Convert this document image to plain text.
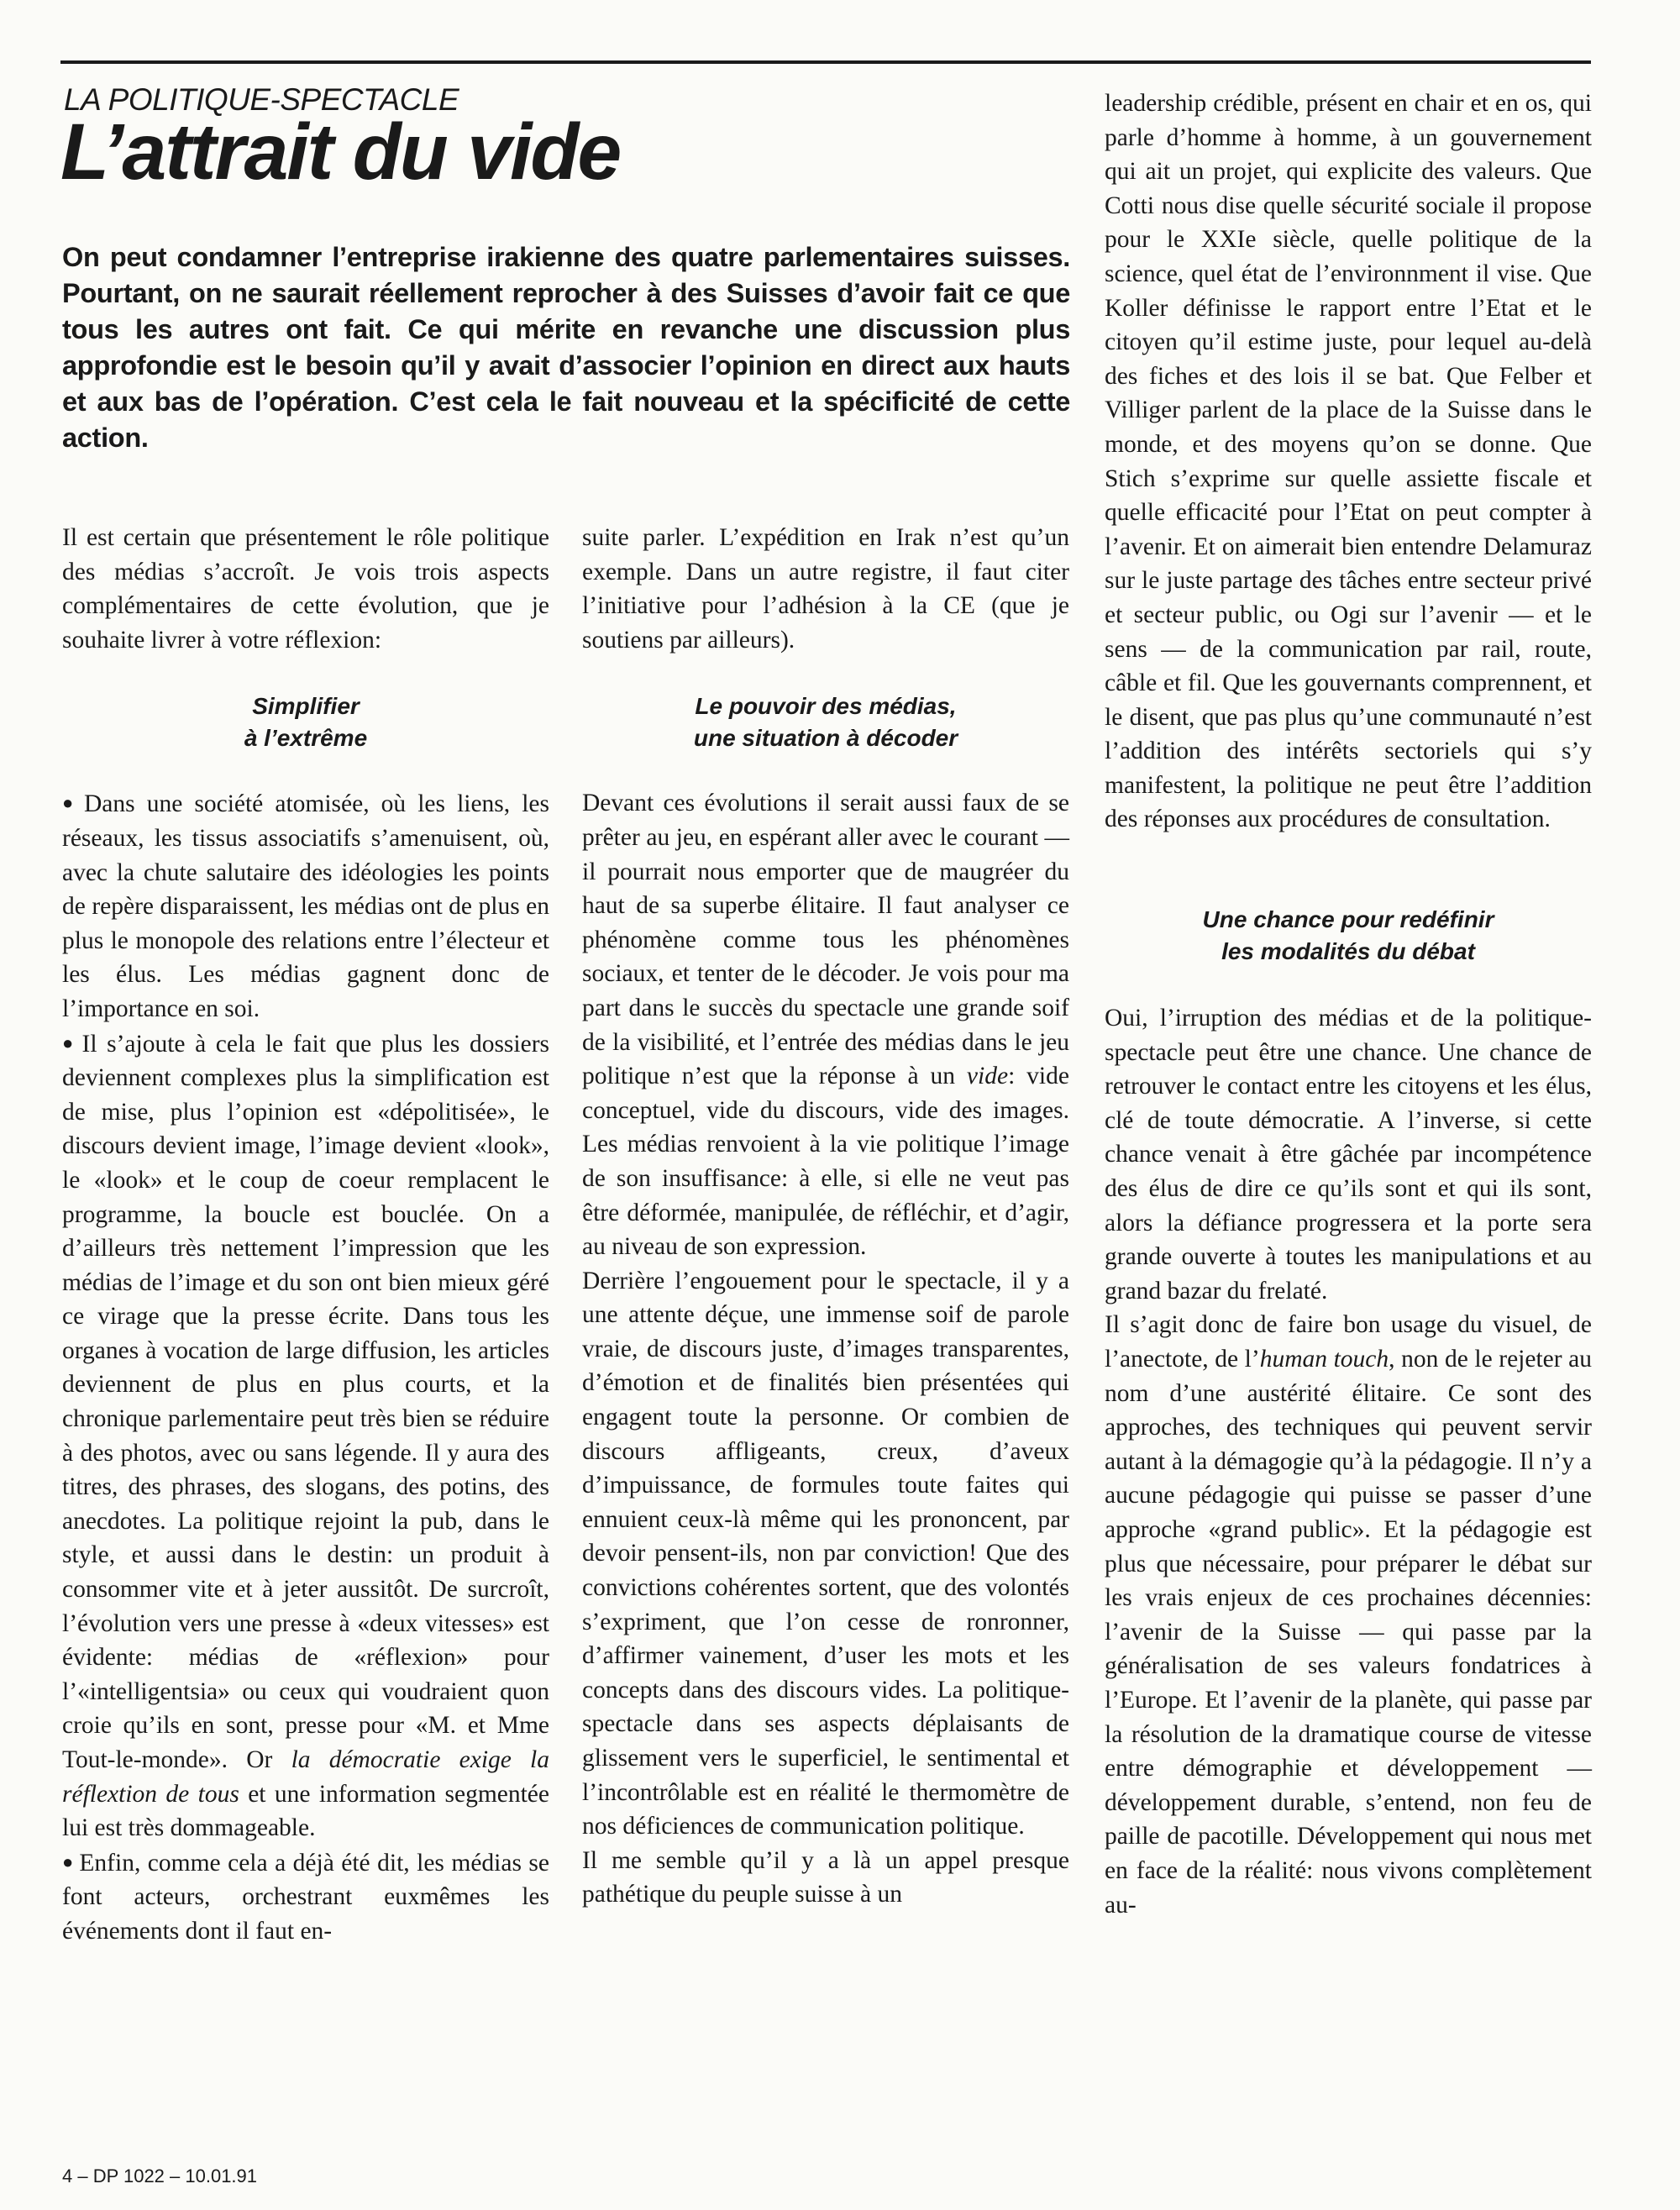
LA POLITIQUE-SPECTACLE
L’attrait du vide
On peut condamner l’entreprise irakienne des quatre parlementaires suisses. Pourtant, on ne saurait réellement reprocher à des Suisses d’avoir fait ce que tous les autres ont fait. Ce qui mérite en revanche une discussion plus approfondie est le besoin qu’il y avait d’associer l’opinion en direct aux hauts et aux bas de l’opération. C’est cela le fait nouveau et la spécificité de cette action.

Il est certain que présentement le rôle politique des médias s’accroît. Je vois trois aspects complémentaires de cette évolution, que je souhaite livrer à votre réflexion:

Simplifier
à l’extrême

● Dans une société atomisée, où les liens, les réseaux, les tissus associatifs s’amenuisent, où, avec la chute salutaire des idéologies les points de repère disparaissent, les médias ont de plus en plus le monopole des relations entre l’électeur et les élus. Les médias gagnent donc de l’importance en soi.

● Il s’ajoute à cela le fait que plus les dossiers deviennent complexes plus la simplification est de mise, plus l’opinion est «dépolitisée», le discours devient image, l’image devient «look», le «look» et le coup de coeur remplacent le programme, la boucle est bouclée. On a d’ailleurs très nettement l’impression que les médias de l’image et du son ont bien mieux géré ce virage que la presse écrite. Dans tous les organes à vocation de large diffusion, les articles deviennent de plus en plus courts, et la chronique parlementaire peut très bien se réduire à des photos, avec ou sans légende. Il y aura des titres, des phrases, des slogans, des potins, des anecdotes. La politique rejoint la pub, dans le style, et aussi dans le destin: un produit à consommer vite et à jeter aussitôt. De surcroît, l’évolution vers une presse à «deux vitesses» est évidente: médias de «réflexion» pour l’«intelligentsia» ou ceux qui voudraient quon croie qu’ils en sont, presse pour «M. et Mme Tout-le-monde». Or la démocratie exige la réflextion de tous et une information segmentée lui est très dommageable.

● Enfin, comme cela a déjà été dit, les médias se font acteurs, orchestrant euxmêmes les événements dont il faut en-

suite parler. L’expédition en Irak n’est qu’un exemple. Dans un autre registre, il faut citer l’initiative pour l’adhésion à la CE (que je soutiens par ailleurs).

Le pouvoir des médias,
une situation à décoder

Devant ces évolutions il serait aussi faux de se prêter au jeu, en espérant aller avec le courant — il pourrait nous emporter que de maugréer du haut de sa superbe élitaire. Il faut analyser ce phénomène comme tous les phénomènes sociaux, et tenter de le décoder. Je vois pour ma part dans le succès du spectacle une grande soif de la visibilité, et l’entrée des médias dans le jeu politique n’est que la réponse à un vide: vide conceptuel, vide du discours, vide des images. Les médias renvoient à la vie politique l’image de son insuffisance: à elle, si elle ne veut pas être déformée, manipulée, de réfléchir, et d’agir, au niveau de son expression.

Derrière l’engouement pour le spectacle, il y a une attente déçue, une immense soif de parole vraie, de discours juste, d’images transparentes, d’émotion et de finalités bien présentées qui engagent toute la personne. Or combien de discours affligeants, creux, d’aveux d’impuissance, de formules toute faites qui ennuient ceux-là même qui les prononcent, par devoir pensent-ils, non par conviction! Que des convictions cohérentes sortent, que des volontés s’expriment, que l’on cesse de ronronner, d’affirmer vainement, d’user les mots et les concepts dans des discours vides. La politique-spectacle dans ses aspects déplaisants de glissement vers le superficiel, le sentimental et l’incontrôlable est en réalité le thermomètre de nos déficiences de communication politique.

Il me semble qu’il y a là un appel presque pathétique du peuple suisse à un

leadership crédible, présent en chair et en os, qui parle d’homme à homme, à un gouvernement qui ait un projet, qui explicite des valeurs. Que Cotti nous dise quelle sécurité sociale il propose pour le XXIe siècle, quelle politique de la science, quel état de l’environnment il vise. Que Koller définisse le rapport entre l’Etat et le citoyen qu’il estime juste, pour lequel au-delà des fiches et des lois il se bat. Que Felber et Villiger parlent de la place de la Suisse dans le monde, et des moyens qu’on se donne. Que Stich s’exprime sur quelle assiette fiscale et quelle efficacité pour l’Etat on peut compter à l’avenir. Et on aimerait bien entendre Delamuraz sur le juste partage des tâches entre secteur privé et secteur public, ou Ogi sur l’avenir — et le sens — de la communication par rail, route, câble et fil. Que les gouvernants comprennent, et le disent, que pas plus qu’une communauté n’est l’addition des intérêts sectoriels qui s’y manifestent, la politique ne peut être l’addition des réponses aux procédures de consultation.

Une chance pour redéfinir
les modalités du débat

Oui, l’irruption des médias et de la politique-spectacle peut être une chance. Une chance de retrouver le contact entre les citoyens et les élus, clé de toute démocratie. A l’inverse, si cette chance venait à être gâchée par incompétence des élus de dire ce qu’ils sont et qui ils sont, alors la défiance progressera et la porte sera grande ouverte à toutes les manipulations et au grand bazar du frelaté.

Il s’agit donc de faire bon usage du visuel, de l’anectote, de l’human touch, non de le rejeter au nom d’une austérité élitaire. Ce sont des approches, des techniques qui peuvent servir autant à la démagogie qu’à la pédagogie. Il n’y a aucune pédagogie qui puisse se passer d’une approche «grand public». Et la pédagogie est plus que nécessaire, pour préparer le débat sur les vrais enjeux de ces prochaines décennies: l’avenir de la Suisse — qui passe par la généralisation de ses valeurs fondatrices à l’Europe. Et l’avenir de la planète, qui passe par la résolution de la dramatique course de vitesse entre démographie et développement — développement durable, s’entend, non feu de paille de pacotille. Développement qui nous met en face de la réalité: nous vivons complètement au-

4 – DP 1022 – 10.01.91
